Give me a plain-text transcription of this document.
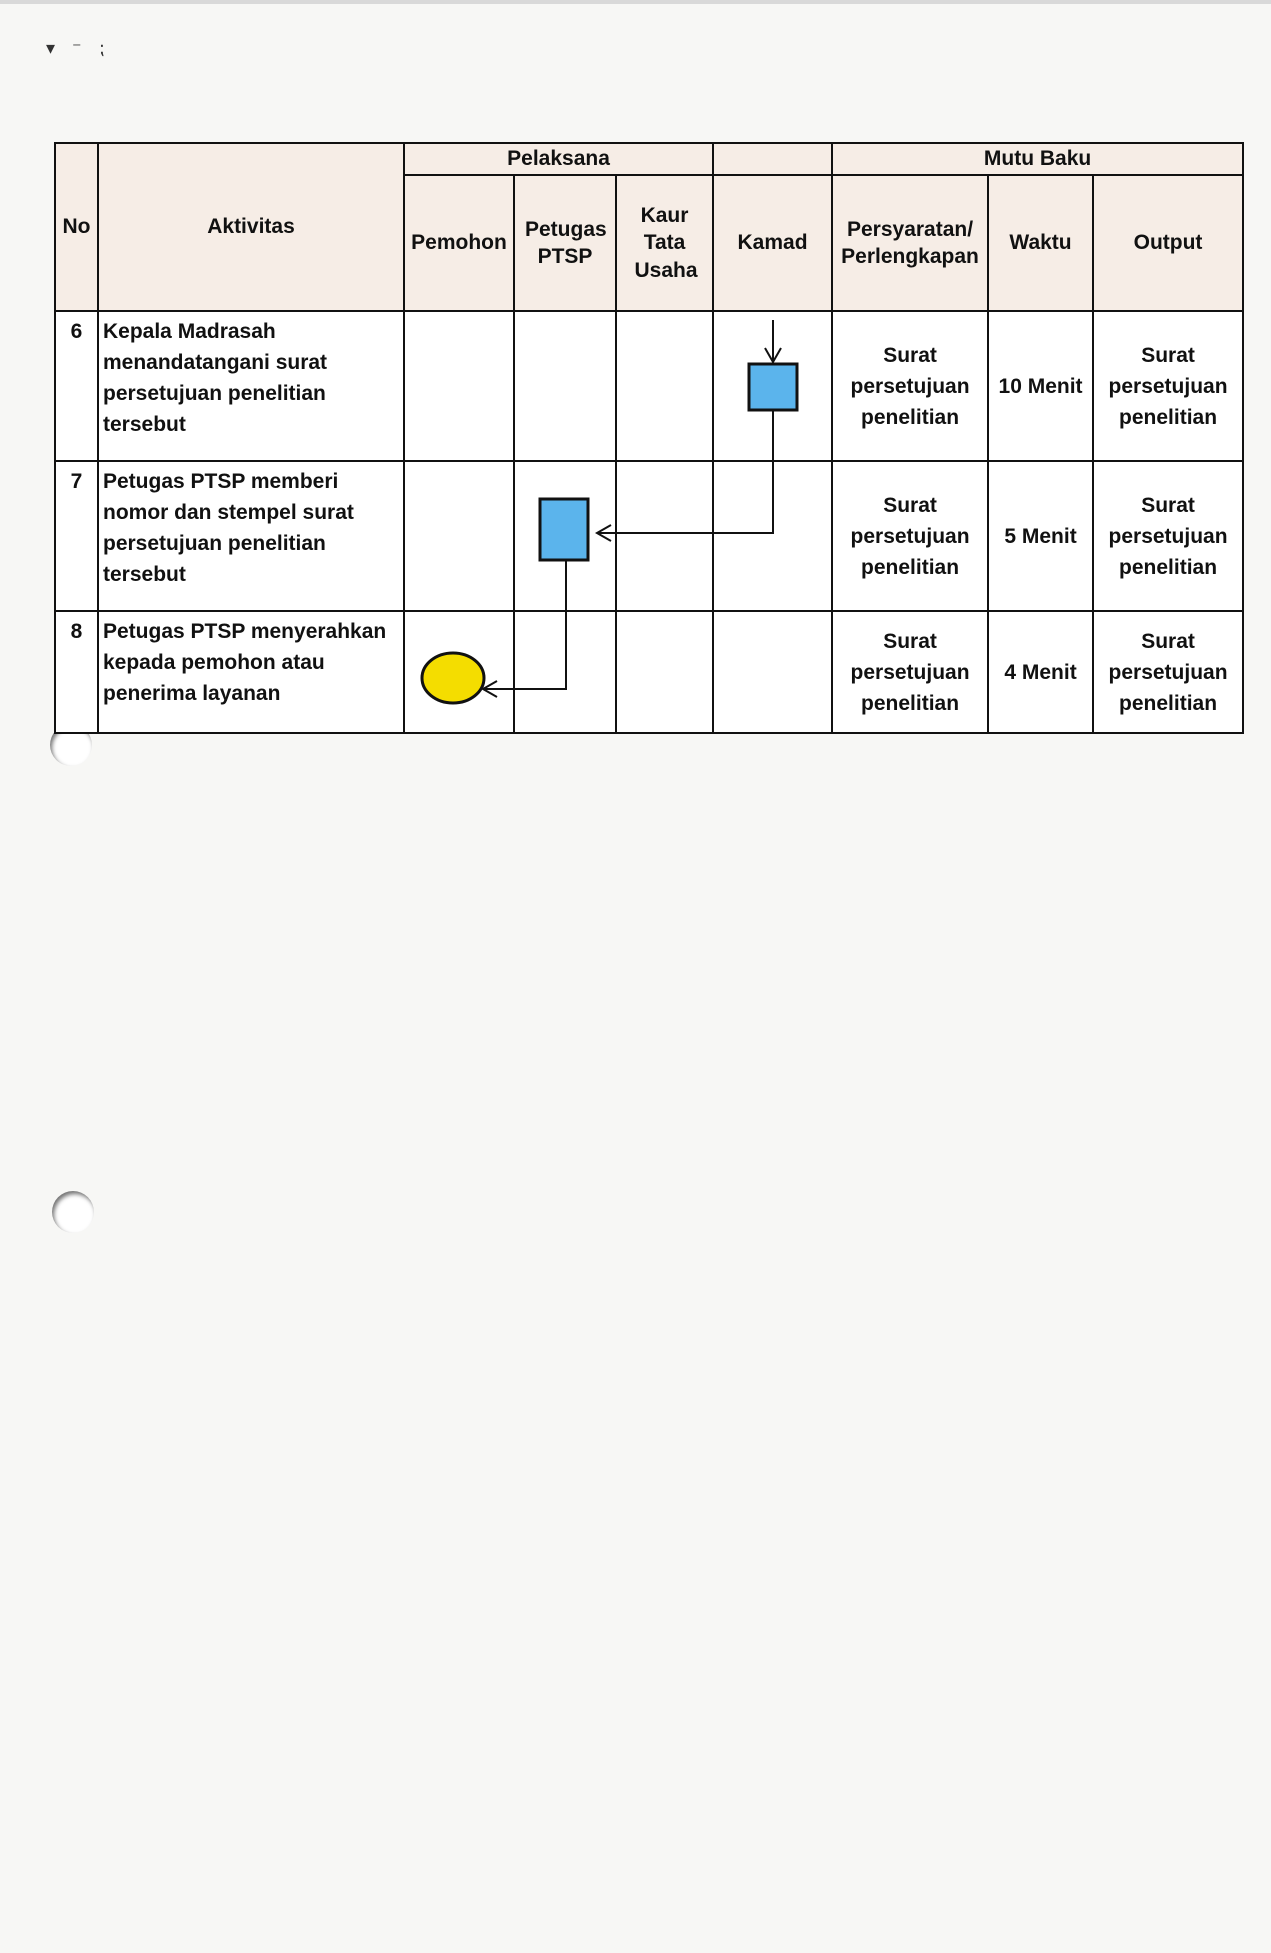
▾ ⁻ ⁏
No	Aktivitas	Pelaksana				Mutu Baku		
		Pemohon	Petugas PTSP	Kaur Tata Usaha	Kamad	Persyaratan/ Perlengkapan	Waktu	Output
6	Kepala Madrasah menandatangani surat persetujuan penelitian tersebut					Surat persetujuan penelitian	10 Menit	Surat persetujuan penelitian

7	Petugas PTSP memberi nomor dan stempel surat persetujuan penelitian tersebut					Surat persetujuan penelitian	5 Menit	Surat persetujuan penelitian

8	Petugas PTSP menyerahkan kepada pemohon atau penerima layanan					Surat persetujuan penelitian	4 Menit	Surat persetujuan penelitian
